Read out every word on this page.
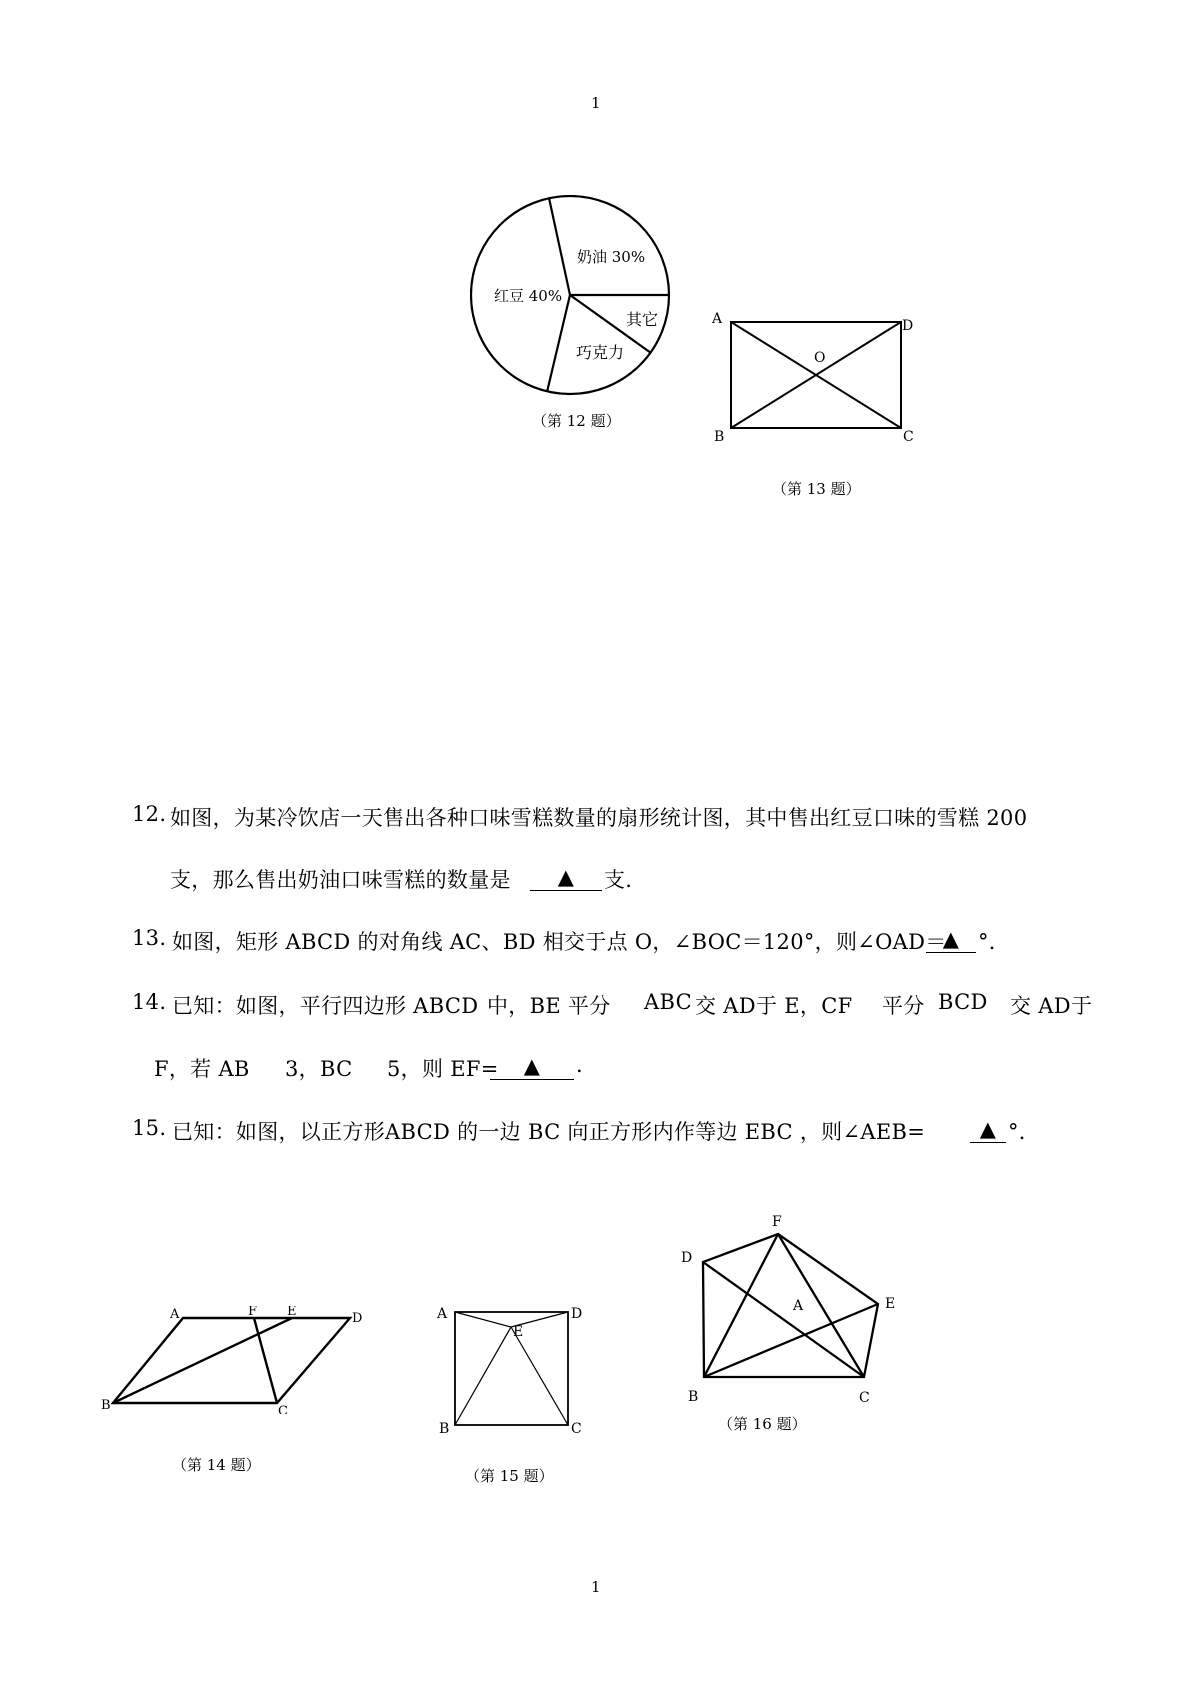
1
奶油 30%
红豆 40%
其它
巧克力
（第 12 题）
A	D
O
B	C
（第 13 题）
12. 如图，为某冷饮店一天售出各种口味雪糕数量的扇形统计图，其中售出红豆口味的雪糕 200
支，那么售出奶油口味雪糕的数量是	▲	支.
13. 如图，矩形 ABCD 的对角线 AC、BD 相交于点 O，∠BOC＝120°，则∠OAD＝
▲ °．
14. 已知：如图，平行四边形 ABCD 中，BE 平分 ABC 交 AD 于 E，CF 平分 BCD 交 AD 于
F，若 AB 3，BC 5，则 EF=	▲	.
15. 已知：如图，以正方形ABCD 的一边 BC 向正方形内作等边 EBC ，则∠AEB=	▲ °．
A	F E	D
B	C
（第 14 题）
A	D
E
B	C
（第 15 题）
F
D
A	E
B	C
（第 16 题）
1
